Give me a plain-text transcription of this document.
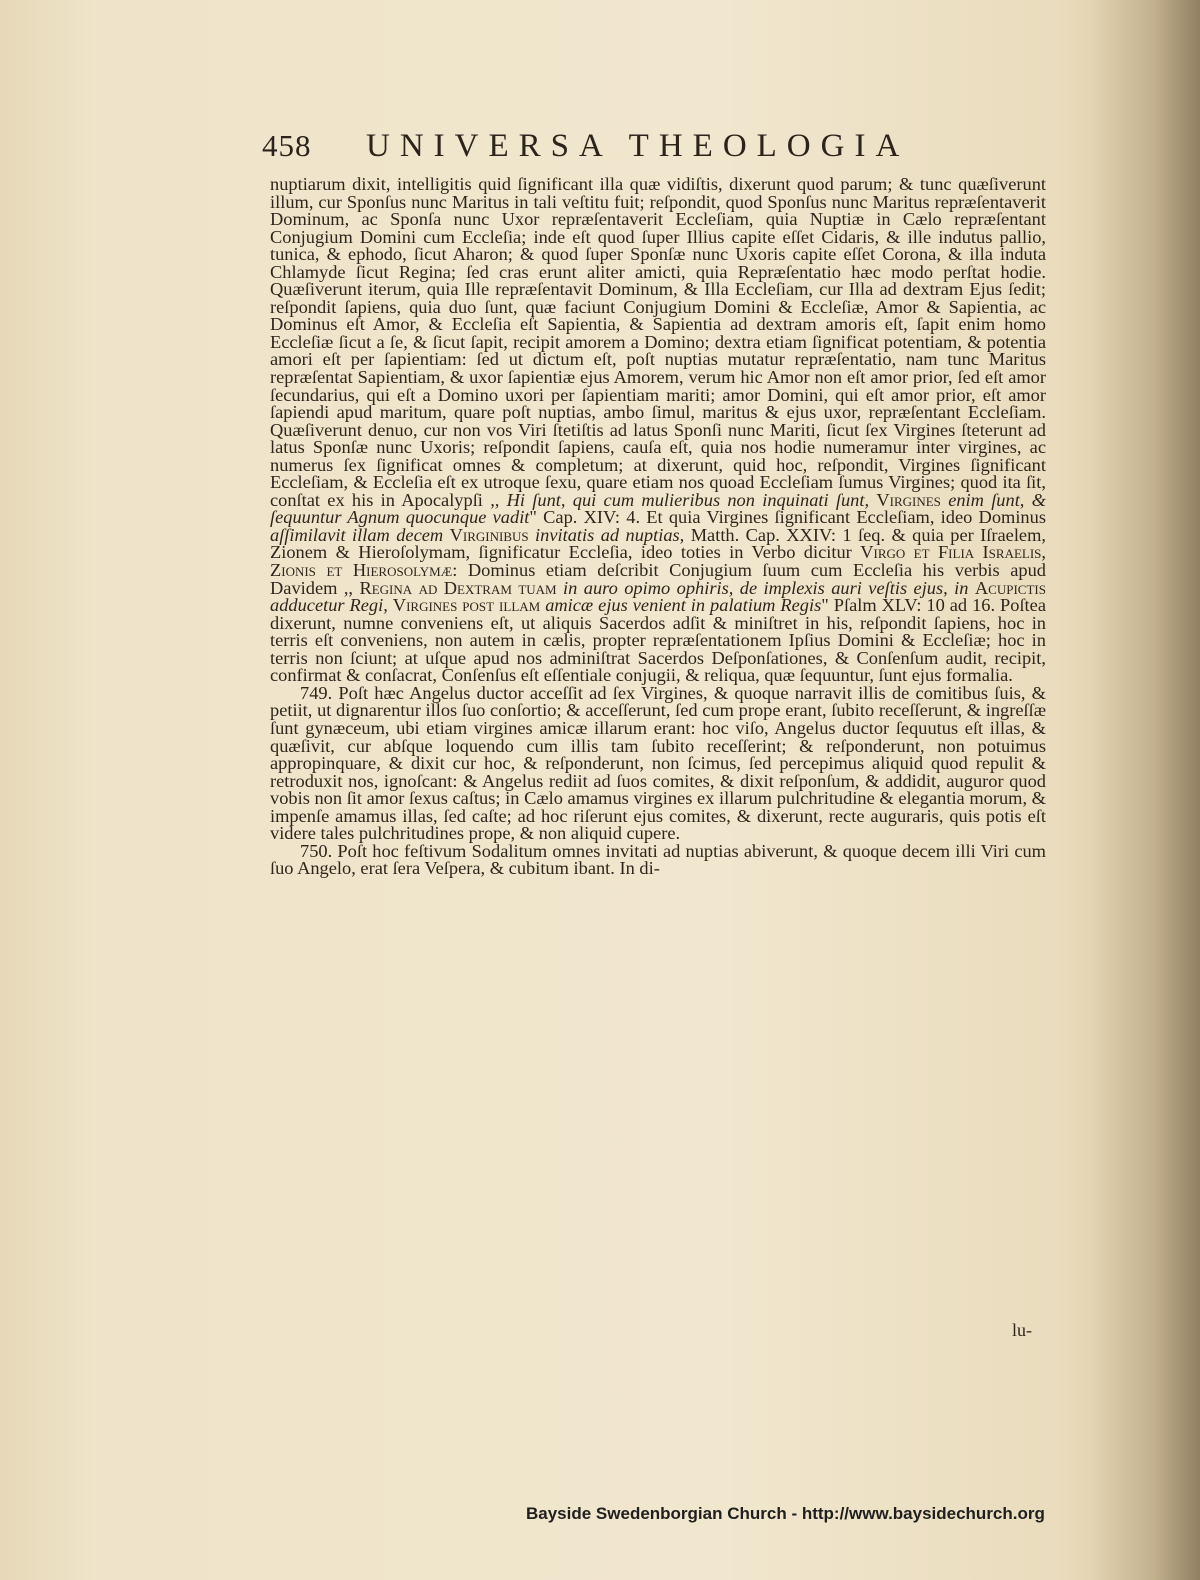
458 UNIVERSA THEOLOGIA

nuptiarum dixit, intelligitis quid ſignificant illa quæ vidiſtis, dixerunt quod parum; & tunc quæſiverunt illum, cur Sponſus nunc Maritus in tali veſtitu fuit; reſpondit, quod Sponſus nunc Maritus repræſentaverit Dominum, ac Sponſa nunc Uxor repræſentaverit Eccleſiam, quia Nuptiæ in Cælo repræſentant Conjugium Domini cum Eccleſia; inde eſt quod ſuper Illius capite eſſet Cidaris, & ille indutus pallio, tunica, & ephodo, ſicut Aharon; & quod ſuper Sponſæ nunc Uxoris capite eſſet Corona, & illa induta Chlamyde ſicut Regina; ſed cras erunt aliter amicti, quia Repræſentatio hæc modo perſtat hodie. Quæſiverunt iterum, quia Ille repræſentavit Dominum, & Illa Eccleſiam, cur Illa ad dextram Ejus ſedit; reſpondit ſapiens, quia duo ſunt, quæ faciunt Conjugium Domini & Eccleſiæ, Amor & Sapientia, ac Dominus eſt Amor, & Eccleſia eſt Sapientia, & Sapientia ad dextram amoris eſt, ſapit enim homo Eccleſiæ ſicut a ſe, & ſicut ſapit, recipit amorem a Domino; dextra etiam ſignificat potentiam, & potentia amori eſt per ſapientiam: ſed ut dictum eſt, poſt nuptias mutatur repræſentatio, nam tunc Maritus repræſentat Sapientiam, & uxor ſapientiæ ejus Amorem, verum hic Amor non eſt amor prior, ſed eſt amor ſecundarius, qui eſt a Domino uxori per ſapientiam mariti; amor Domini, qui eſt amor prior, eſt amor ſapiendi apud maritum, quare poſt nuptias, ambo ſimul, maritus & ejus uxor, repræſentant Eccleſiam. Quæſiverunt denuo, cur non vos Viri ſtetiſtis ad latus Sponſi nunc Mariti, ſicut ſex Virgines ſteterunt ad latus Sponſæ nunc Uxoris; reſpondit ſapiens, cauſa eſt, quia nos hodie numeramur inter virgines, ac numerus ſex ſignificat omnes & completum; at dixerunt, quid hoc, reſpondit, Virgines ſignificant Eccleſiam, & Eccleſia eſt ex utroque ſexu, quare etiam nos quoad Eccleſiam ſumus Virgines; quod ita ſit, conſtat ex his in Apocalypſi ,, Hi ſunt, qui cum mulieribus non inquinati ſunt, Virgines enim ſunt, & ſequuntur Agnum quocunque vadit" Cap. XIV: 4. Et quia Virgines ſignificant Eccleſiam, ideo Dominus aſſimilavit illam decem Virginibus invitatis ad nuptias, Matth. Cap. XXIV: 1 ſeq. & quia per Iſraelem, Zionem & Hieroſolymam, ſignificatur Eccleſia, ideo toties in Verbo dicitur Virgo et Filia Israelis, Zionis et Hierosolymæ: Dominus etiam deſcribit Conjugium ſuum cum Eccleſia his verbis apud Davidem ,, Regina ad Dextram tuam in auro opimo ophiris, de implexis auri veſtis ejus, in Acupictis adducetur Regi, Virgines post illam amicæ ejus venient in palatium Regis" Pſalm XLV: 10 ad 16. Poſtea dixerunt, numne conveniens eſt, ut aliquis Sacerdos adſit & miniſtret in his, reſpondit ſapiens, hoc in terris eſt conveniens, non autem in cælis, propter repræſentationem Ipſius Domini & Eccleſiæ; hoc in terris non ſciunt; at uſque apud nos adminiſtrat Sacerdos Deſponſationes, & Conſenſum audit, recipit, confirmat & conſacrat, Conſenſus eſt eſſentiale conjugii, & reliqua, quæ ſequuntur, ſunt ejus formalia.

749. Poſt hæc Angelus ductor acceſſit ad ſex Virgines, & quoque narravit illis de comitibus ſuis, & petiit, ut dignarentur illos ſuo conſortio; & acceſſerunt, ſed cum prope erant, ſubito receſſerunt, & ingreſſæ ſunt gynæceum, ubi etiam virgines amicæ illarum erant: hoc viſo, Angelus ductor ſequutus eſt illas, & quæſivit, cur abſque loquendo cum illis tam ſubito receſſerint; & reſponderunt, non potuimus appropinquare, & dixit cur hoc, & reſponderunt, non ſcimus, ſed percepimus aliquid quod repulit & retroduxit nos, ignoſcant: & Angelus rediit ad ſuos comites, & dixit reſponſum, & addidit, auguror quod vobis non ſit amor ſexus caſtus; in Cælo amamus virgines ex illarum pulchritudine & elegantia morum, & impenſe amamus illas, ſed caſte; ad hoc riſerunt ejus comites, & dixerunt, recte auguraris, quis potis eſt videre tales pulchritudines prope, & non aliquid cupere.

750. Poſt hoc feſtivum Sodalitum omnes invitati ad nuptias abiverunt, & quoque decem illi Viri cum ſuo Angelo, erat ſera Veſpera, & cubitum ibant. In di-

lu-
Bayside Swedenborgian Church - http://www.baysidechurch.org
